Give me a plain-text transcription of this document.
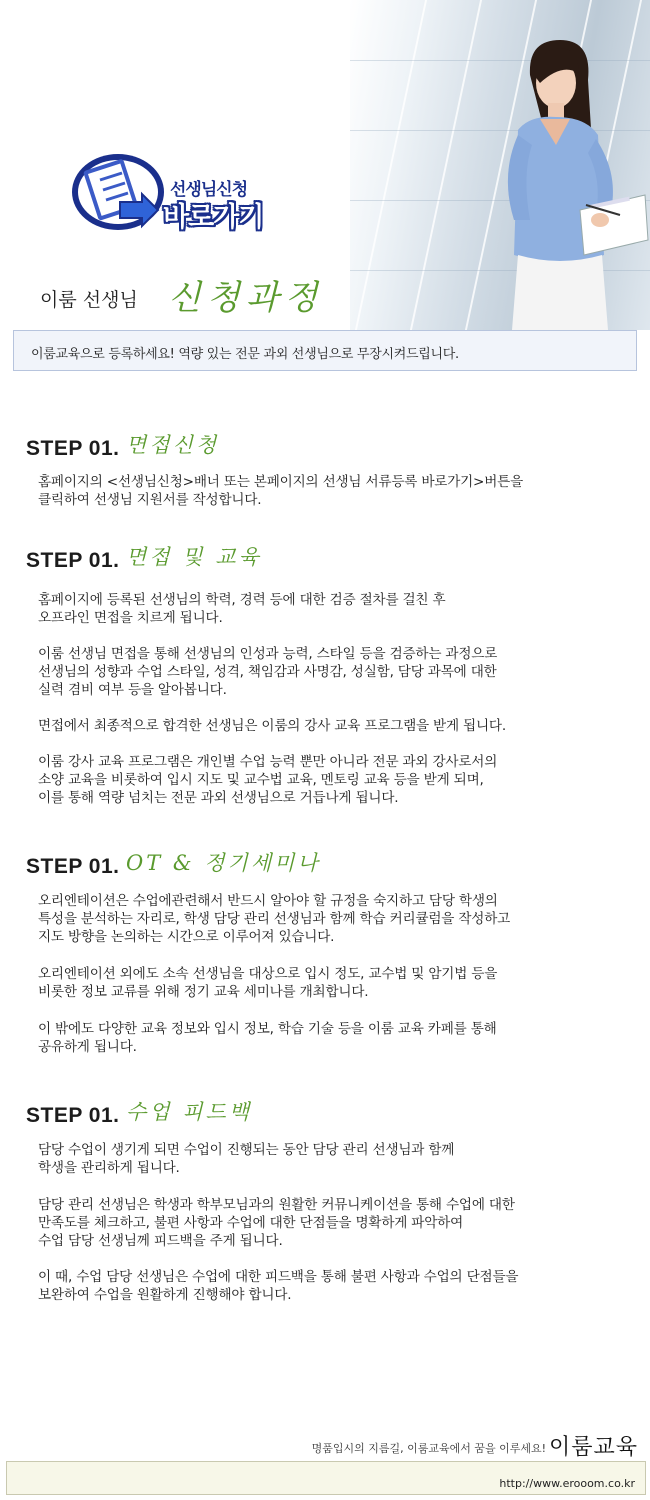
선생님신청
바로가기
이룸 선생님 신청과정
이룸교육으로 등록하세요! 역량 있는 전문 과외 선생님으로 무장시켜드립니다.
STEP 01. 면접신청
홈페이지의 <선생님신청>배너 또는 본페이지의 선생님 서류등록 바로가기>버튼을
클릭하여 선생님 지원서를 작성합니다.
STEP 01. 면접 및 교육
홈페이지에 등록된 선생님의 학력, 경력 등에 대한 검증 절차를 걸친 후
오프라인 면접을 치르게 됩니다.
이룸 선생님 면접을 통해 선생님의 인성과 능력, 스타일 등을 검증하는 과정으로
선생님의 성향과 수업 스타일, 성격, 책임감과 사명감, 성실함, 담당 과목에 대한
실력 겸비 여부 등을 알아봅니다.
면접에서 최종적으로 합격한 선생님은 이룸의 강사 교육 프로그램을 받게 됩니다.
이룸 강사 교육 프로그램은 개인별 수업 능력 뿐만 아니라 전문 과외 강사로서의
소양 교육을 비롯하여 입시 지도 및 교수법 교육, 멘토링 교육 등을 받게 되며,
이를 통해 역량 넘치는 전문 과외 선생님으로 거듭나게 됩니다.
STEP 01. OT & 정기세미나
오리엔테이션은 수업에관련해서 반드시 알아야 할 규정을 숙지하고 담당 학생의
특성을 분석하는 자리로, 학생 담당 관리 선생님과 함께 학습 커리큘럼을 작성하고
지도 방향을 논의하는 시간으로 이루어져 있습니다.
오리엔테이션 외에도 소속 선생님을 대상으로 입시 정도, 교수법 및 암기법 등을
비롯한 정보 교류를 위해 정기 교육 세미나를 개최합니다.
이 밖에도 다양한 교육 정보와 입시 정보, 학습 기술 등을 이룸 교육 카페를 통해
공유하게 됩니다.
STEP 01. 수업 피드백
담당 수업이 생기게 되면 수업이 진행되는 동안 담당 관리 선생님과 함께
학생을 관리하게 됩니다.
담당 관리 선생님은 학생과 학부모님과의 원활한 커뮤니케이션을 통해 수업에 대한
만족도를 체크하고, 불편 사항과 수업에 대한 단점들을 명확하게 파악하여
수업 담당 선생님께 피드백을 주게 됩니다.
이 때, 수업 담당 선생님은 수업에 대한 피드백을 통해 불편 사항과 수업의 단점들을
보완하여 수업을 원활하게 진행해야 합니다.
명품입시의 지름길, 이룸교육에서 꿈을 이루세요! 이룸교육
http://www.erooom.co.kr
